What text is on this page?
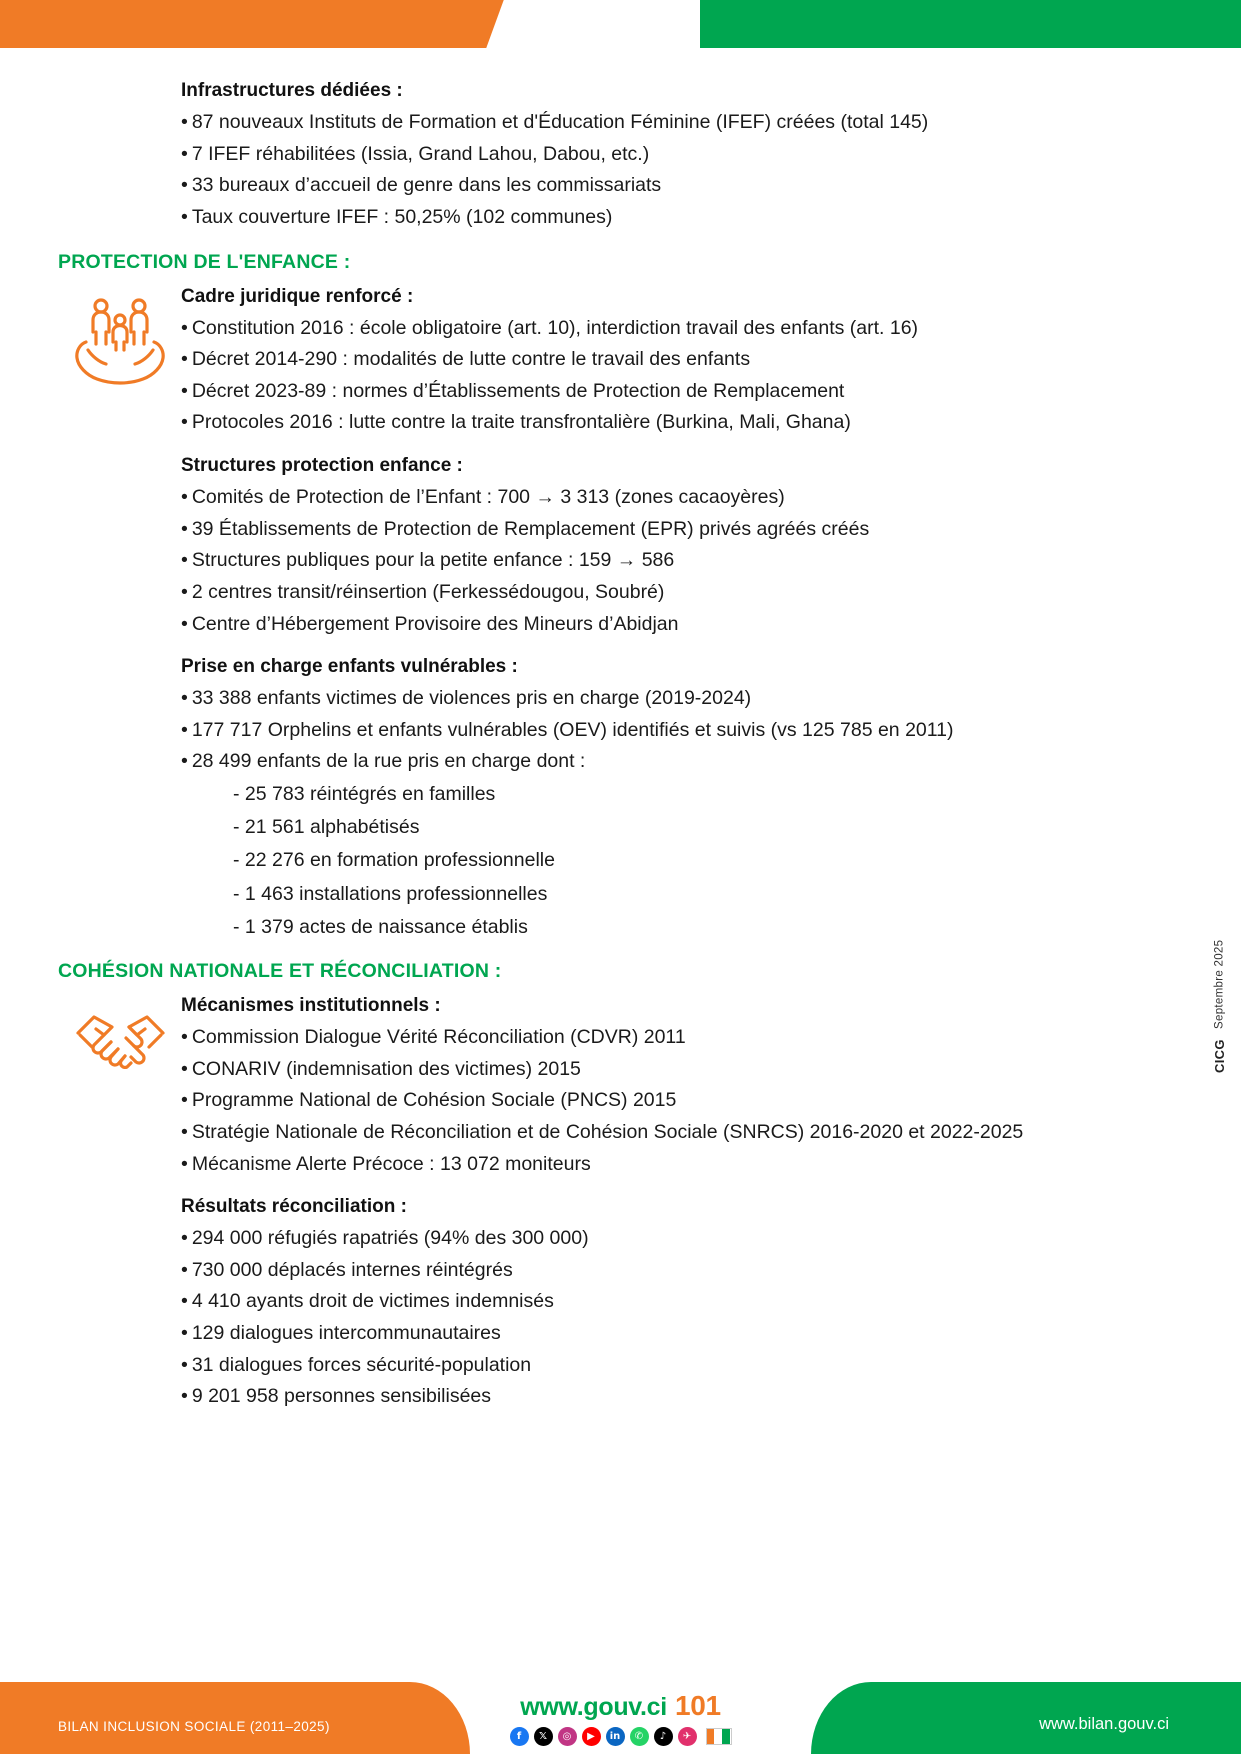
Infrastructures dédiées :
• 87 nouveaux Instituts de Formation et d'Éducation Féminine (IFEF) créées (total 145)
• 7 IFEF réhabilitées (Issia, Grand Lahou, Dabou, etc.)
• 33 bureaux d’accueil de genre dans les commissariats
• Taux couverture IFEF : 50,25% (102 communes)
PROTECTION DE L'ENFANCE :
Cadre juridique renforcé :
• Constitution 2016 : école obligatoire (art. 10), interdiction travail des enfants (art. 16)
• Décret 2014-290 : modalités de lutte contre le travail des enfants
• Décret 2023-89 : normes d’Établissements de Protection de Remplacement
• Protocoles 2016 : lutte contre la traite transfrontalière (Burkina, Mali, Ghana)
Structures protection enfance :
• Comités de Protection de l’Enfant : 700 → 3 313 (zones cacaoyères)
• 39 Établissements de Protection de Remplacement (EPR) privés agréés créés
• Structures publiques pour la petite enfance : 159 → 586
• 2 centres transit/réinsertion (Ferkessédougou, Soubré)
• Centre d’Hébergement Provisoire des Mineurs d’Abidjan
Prise en charge enfants vulnérables :
• 33 388 enfants victimes de violences pris en charge (2019-2024)
• 177 717 Orphelins et enfants vulnérables (OEV) identifiés et suivis (vs 125 785 en 2011)
• 28 499 enfants de la rue pris en charge dont :
- 25 783 réintégrés en familles
- 21 561 alphabétisés
- 22 276 en formation professionnelle
- 1 463 installations professionnelles
- 1 379 actes de naissance établis
COHÉSION NATIONALE ET RÉCONCILIATION :
Mécanismes institutionnels :
• Commission Dialogue Vérité Réconciliation (CDVR) 2011
• CONARIV (indemnisation des victimes) 2015
• Programme National de Cohésion Sociale (PNCS) 2015
• Stratégie Nationale de Réconciliation et de Cohésion Sociale (SNRCS) 2016-2020 et 2022-2025
• Mécanisme Alerte Précoce : 13 072 moniteurs
Résultats réconciliation :
• 294 000 réfugiés rapatriés (94% des 300 000)
• 730 000 déplacés internes réintégrés
• 4 410 ayants droit de victimes indemnisés
• 129 dialogues intercommunautaires
• 31 dialogues forces sécurité-population
• 9 201 958 personnes sensibilisées
CICG
Septembre 2025
BILAN INCLUSION SOCIALE (2011–2025)	www.bilan.gouv.ci
www.gouv.ci 101
f	𝕏	◎	▶	in	✆	♪	✈
